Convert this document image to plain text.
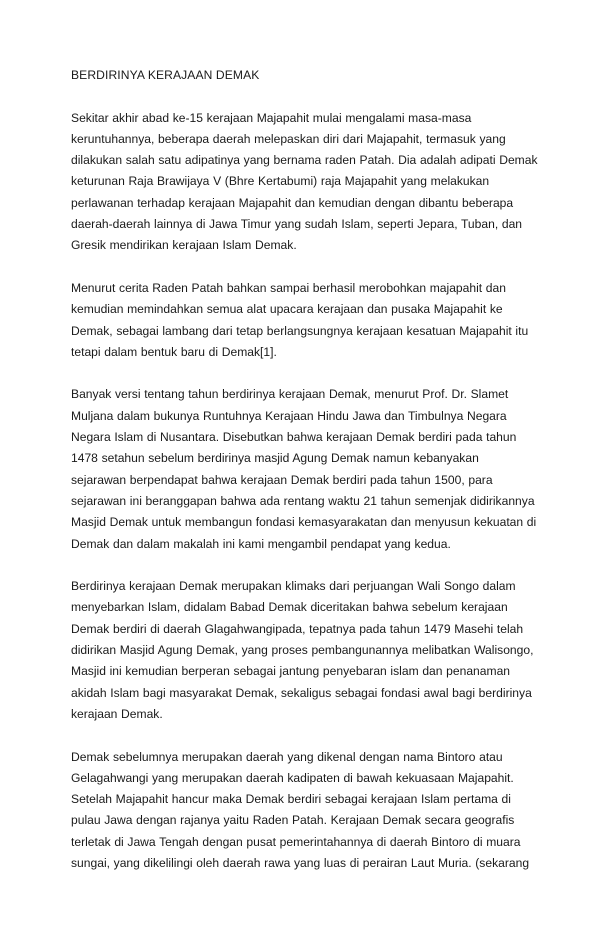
BERDIRINYA KERAJAAN DEMAK

Sekitar akhir abad ke-15 kerajaan Majapahit mulai mengalami masa-masa
keruntuhannya, beberapa daerah melepaskan diri dari Majapahit, termasuk yang
dilakukan salah satu adipatinya yang bernama raden Patah. Dia adalah adipati Demak
keturunan Raja Brawijaya V (Bhre Kertabumi) raja Majapahit yang melakukan
perlawanan terhadap kerajaan Majapahit dan kemudian dengan dibantu beberapa
daerah-daerah lainnya di Jawa Timur yang sudah Islam, seperti Jepara, Tuban, dan
Gresik mendirikan kerajaan Islam Demak.

Menurut cerita Raden Patah bahkan sampai berhasil merobohkan majapahit dan
kemudian memindahkan semua alat upacara kerajaan dan pusaka Majapahit ke
Demak, sebagai lambang dari tetap berlangsungnya kerajaan kesatuan Majapahit itu
tetapi dalam bentuk baru di Demak[1].

Banyak versi tentang tahun berdirinya kerajaan Demak, menurut Prof. Dr. Slamet
Muljana dalam bukunya Runtuhnya Kerajaan Hindu Jawa dan Timbulnya Negara
Negara Islam di Nusantara. Disebutkan bahwa kerajaan Demak berdiri pada tahun
1478 setahun sebelum berdirinya masjid Agung Demak namun kebanyakan
sejarawan berpendapat bahwa kerajaan Demak berdiri pada tahun 1500, para
sejarawan ini beranggapan bahwa ada rentang waktu 21 tahun semenjak didirikannya
Masjid Demak untuk membangun fondasi kemasyarakatan dan menyusun kekuatan di
Demak dan dalam makalah ini kami mengambil pendapat yang kedua.

Berdirinya kerajaan Demak merupakan klimaks dari perjuangan Wali Songo dalam
menyebarkan Islam, didalam Babad Demak diceritakan bahwa sebelum kerajaan
Demak berdiri di daerah Glagahwangipada, tepatnya pada tahun 1479 Masehi telah
didirikan Masjid Agung Demak, yang proses pembangunannya melibatkan Walisongo,
Masjid ini kemudian berperan sebagai jantung penyebaran islam dan penanaman
akidah Islam bagi masyarakat Demak, sekaligus sebagai fondasi awal bagi berdirinya
kerajaan Demak.

Demak sebelumnya merupakan daerah yang dikenal dengan nama Bintoro atau
Gelagahwangi yang merupakan daerah kadipaten di bawah kekuasaan Majapahit.
Setelah Majapahit hancur maka Demak berdiri sebagai kerajaan Islam pertama di
pulau Jawa dengan rajanya yaitu Raden Patah. Kerajaan Demak secara geografis
terletak di Jawa Tengah dengan pusat pemerintahannya di daerah Bintoro di muara
sungai, yang dikelilingi oleh daerah rawa yang luas di perairan Laut Muria. (sekarang
